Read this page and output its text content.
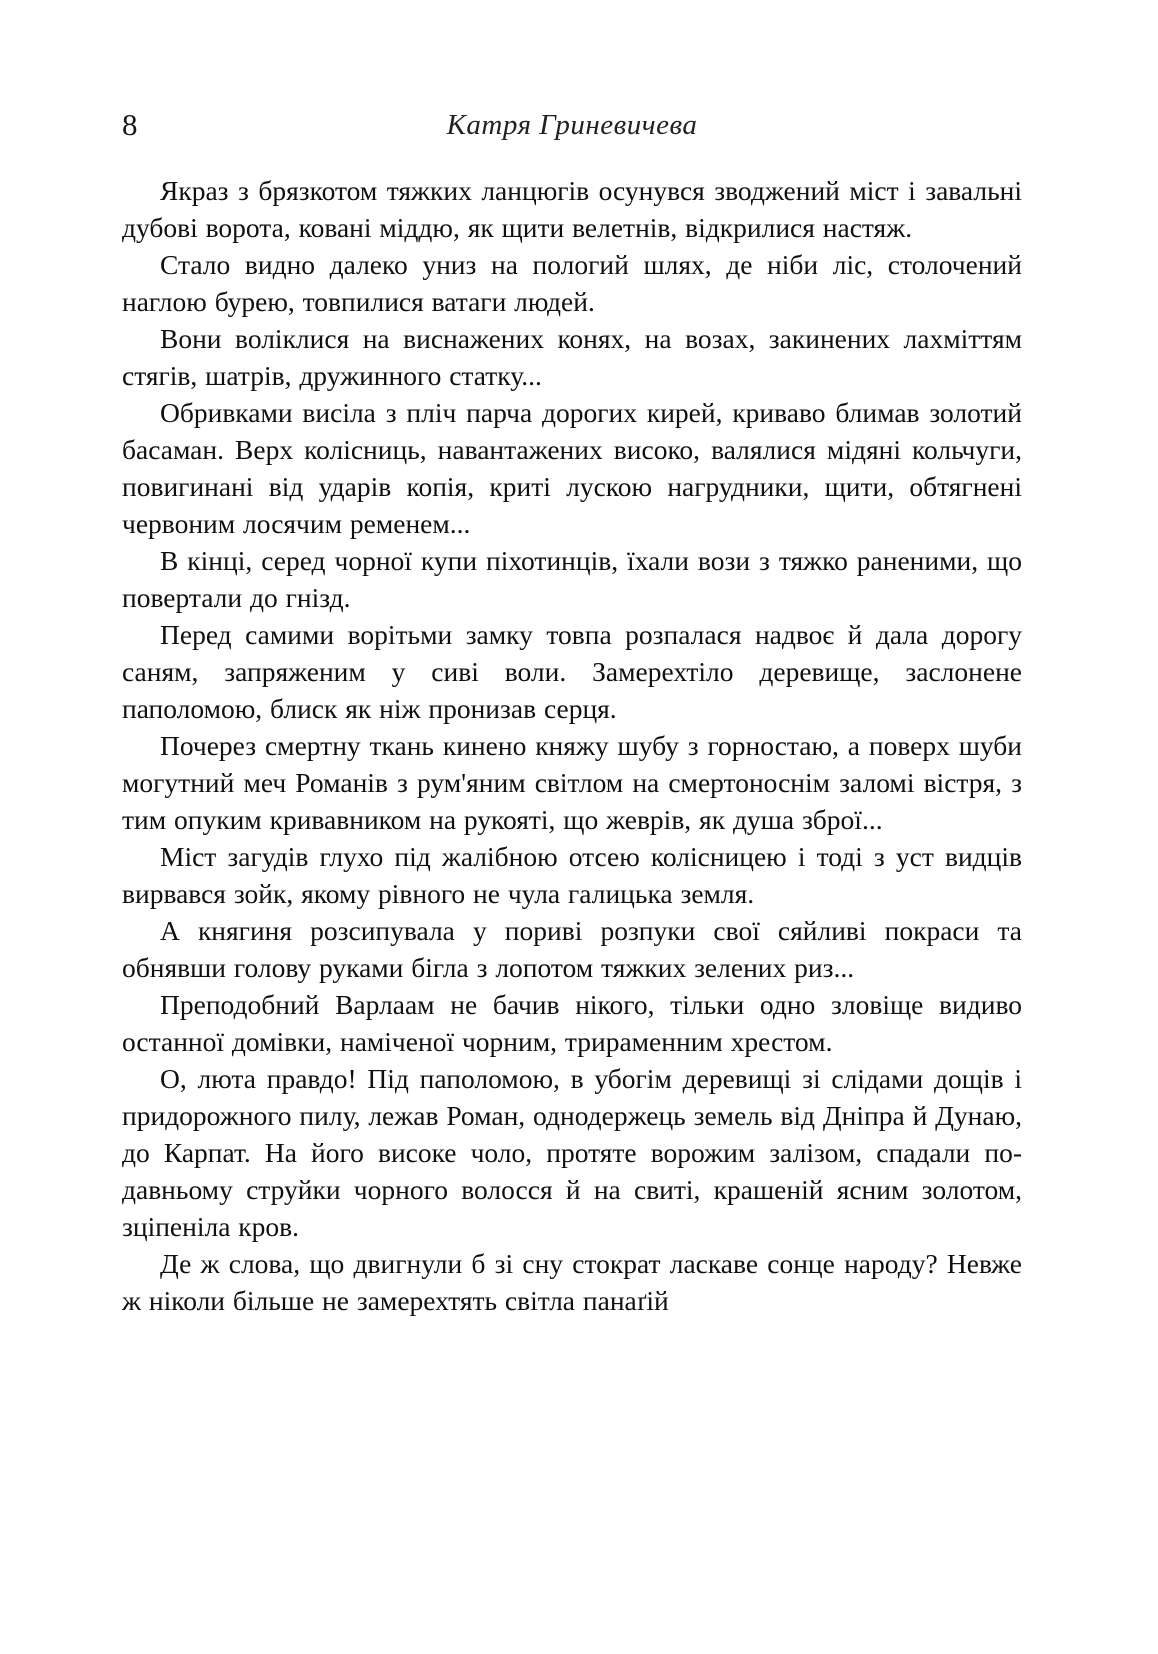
8	Катря Гриневичева

Якраз з брязкотом тяжких ланцюгів осунувся зводжений міст і завальні дубові ворота, ковані міддю, як щити велетнів, відкрилися настяж.

Стало видно далеко униз на пологий шлях, де ніби ліс, столочений наглою бурею, товпилися ватаги людей.

Вони воліклися на виснажених конях, на возах, закинених лахміттям стягів, шатрів, дружинного статку...

Обривками висіла з пліч парча дорогих кирей, криваво блимав золотий басаман. Верх колісниць, навантажених високо, валялися мідяні кольчуги, повигинані від ударів копія, криті лускою нагрудники, щити, обтягнені червоним лосячим ременем...

В кінці, серед чорної купи піхотинців, їхали вози з тяжко раненими, що повертали до гнізд.

Перед самими ворітьми замку товпа розпалася надвоє й дала дорогу саням, запряженим у сиві воли. Замерехтіло деревище, заслонене паполомою, блиск як ніж пронизав серця.

Почерез смертну ткань кинено княжу шубу з горностаю, а поверх шуби могутний меч Романів з рум'яним світлом на смертоноснім заломі вістря, з тим опуким кривавником на рукояті, що жеврів, як душа зброї...

Міст загудів глухо під жалібною отсею колісницею і тоді з уст видців вирвався зойк, якому рівного не чула галицька земля.

А княгиня розсипувала у пориві розпуки свої сяйливі покраси та обнявши голову руками бігла з лопотом тяжких зелених риз...

Преподобний Варлаам не бачив нікого, тільки одно зловіще видиво останної домівки, наміченої чорним, трираменним хрестом.

О, люта правдо! Під паполомою, в убогім деревищі зі слідами дощів і придорожного пилу, лежав Роман, однодержець земель від Дніпра й Дунаю, до Карпат. На його високе чоло, протяте ворожим залізом, спадали по-давньому струйки чорного волосся й на свиті, крашеній ясним золотом, зціпеніла кров.

Де ж слова, що двигнули б зі сну стократ ласкаве сонце народу? Невже ж ніколи більше не замерехтять світла панаґій
